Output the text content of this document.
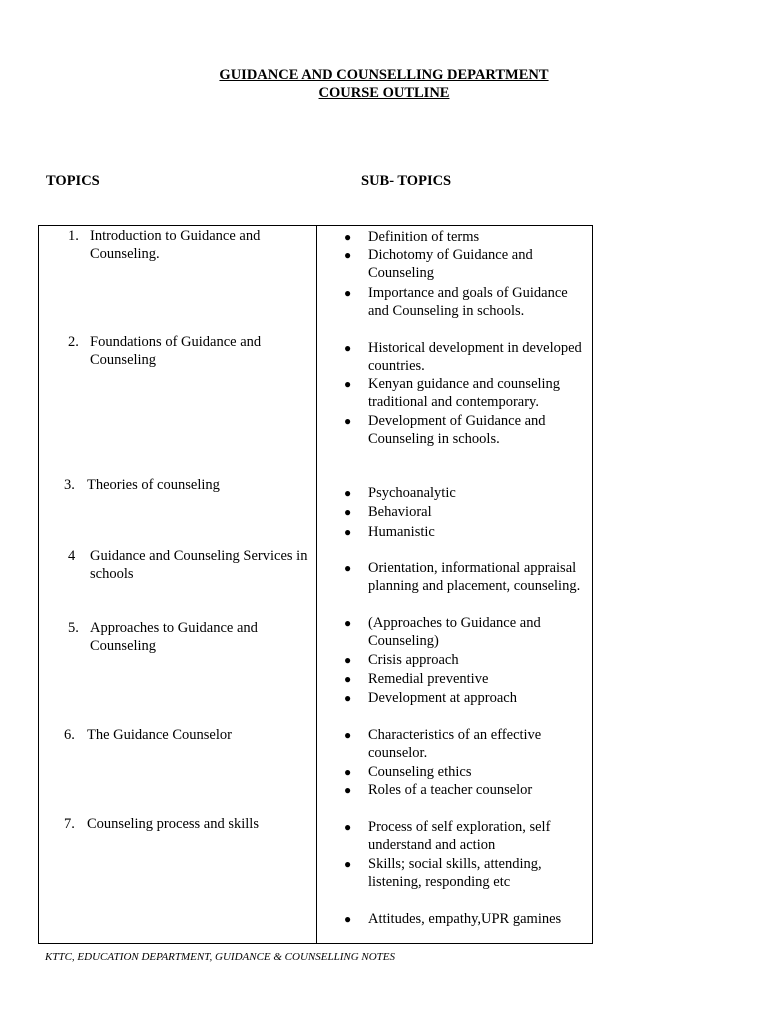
GUIDANCE AND COUNSELLING DEPARTMENT
COURSE OUTLINE
TOPICS	SUB- TOPICS
1. Introduction to Guidance and Counseling.
2. Foundations of Guidance and Counseling
3. Theories of counseling
4 Guidance and Counseling Services in schools
5. Approaches to Guidance and Counseling
6. The Guidance Counselor
7. Counseling process and skills
● Definition of terms
● Dichotomy of Guidance and Counseling
● Importance and goals of Guidance and Counseling in schools.
● Historical development in developed countries.
● Kenyan guidance and counseling traditional and contemporary.
● Development of Guidance and Counseling in schools.
● Psychoanalytic
● Behavioral
● Humanistic
● Orientation, informational appraisal planning and placement, counseling.
● (Approaches to Guidance and Counseling)
● Crisis approach
● Remedial preventive
● Development at approach
● Characteristics of an effective counselor.
● Counseling ethics
● Roles of a teacher counselor
● Process of self exploration, self understand and action
● Skills; social skills, attending, listening, responding etc
● Attitudes, empathy,UPR gamines
KTTC, EDUCATION DEPARTMENT, GUIDANCE & COUNSELLING NOTES
